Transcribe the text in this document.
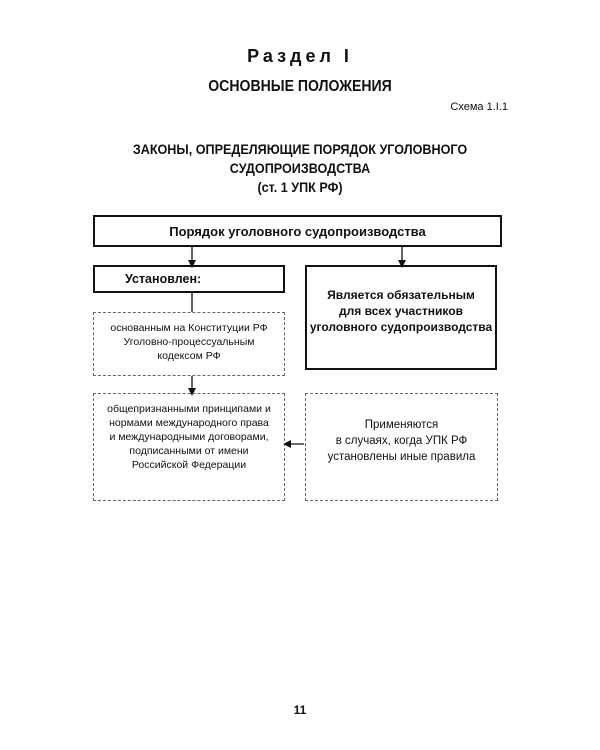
Раздел I
ОСНОВНЫЕ ПОЛОЖЕНИЯ
Схема 1.I.1
ЗАКОНЫ, ОПРЕДЕЛЯЮЩИЕ ПОРЯДОК УГОЛОВНОГО
СУДОПРОИЗВОДСТВА
(ст. 1 УПК РФ)
Порядок уголовного судопроизводства
Установлен:
Является обязательным
для всех участников
уголовного судопроизводства
основанным на Конституции РФ
Уголовно-процессуальным
кодексом РФ
общепризнанными принципами и
нормами международного права
и международными договорами,
подписанными от имени
Российской Федерации
Применяются
в случаях, когда УПК РФ
установлены иные правила
11
